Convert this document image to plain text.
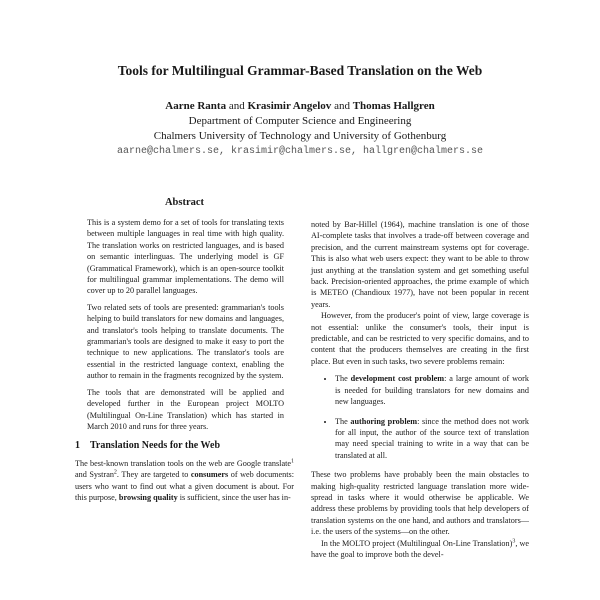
Tools for Multilingual Grammar-Based Translation on the Web
Aarne Ranta and Krasimir Angelov and Thomas Hallgren
Department of Computer Science and Engineering
Chalmers University of Technology and University of Gothenburg
aarne@chalmers.se, krasimir@chalmers.se, hallgren@chalmers.se
Abstract

This is a system demo for a set of tools for translating texts between multiple languages in real time with high quality. The translation works on restricted languages, and is based on semantic interlinguas. The underlying model is GF (Grammatical Framework), which is an open-source toolkit for multilingual grammar implementations. The demo will cover up to 20 parallel languages.

Two related sets of tools are presented: grammarian's tools helping to build translators for new domains and languages, and translator's tools helping to translate documents. The grammarian's tools are designed to make it easy to port the technique to new applications. The translator's tools are essential in the restricted language context, enabling the author to remain in the fragments recognized by the system.

The tools that are demonstrated will be applied and developed further in the European project MOLTO (Multilingual On-Line Translation) which has started in March 2010 and runs for three years.

1 Translation Needs for the Web

The best-known translation tools on the web are Google translate$^1$ and Systran$^2$. They are targeted to consumers of web documents: users who want to find out what a given document is about. For this purpose, browsing quality is sufficient, since the user has in-

noted by Bar-Hillel (1964), machine translation is one of those AI-complete tasks that involves a trade-off between coverage and precision, and the current mainstream systems opt for coverage. This is also what web users expect: they want to be able to throw just anything at the translation system and get something useful back. Precision-oriented approaches, the prime example of which is METEO (Chandioux 1977), have not been popular in recent years.

However, from the producer's point of view, large coverage is not essential: unlike the consumer's tools, their input is predictable, and can be restricted to very specific domains, and to content that the producers themselves are creating in the first place. But even in such tasks, two severe problems remain:

• The development cost problem: a large amount of work is needed for building translators for new domains and new languages.
• The authoring problem: since the method does not work for all input, the author of the source text of translation may need special training to write in a way that can be translated at all.

These two problems have probably been the main obstacles to making high-quality restricted language translation more wide-spread in tasks where it would otherwise be applicable. We address these problems by providing tools that help developers of translation systems on the one hand, and authors and translators—i.e. the users of the systems—on the other.

In the MOLTO project (Multilingual On-Line Translation)$^3$, we have the goal to improve both the devel-
